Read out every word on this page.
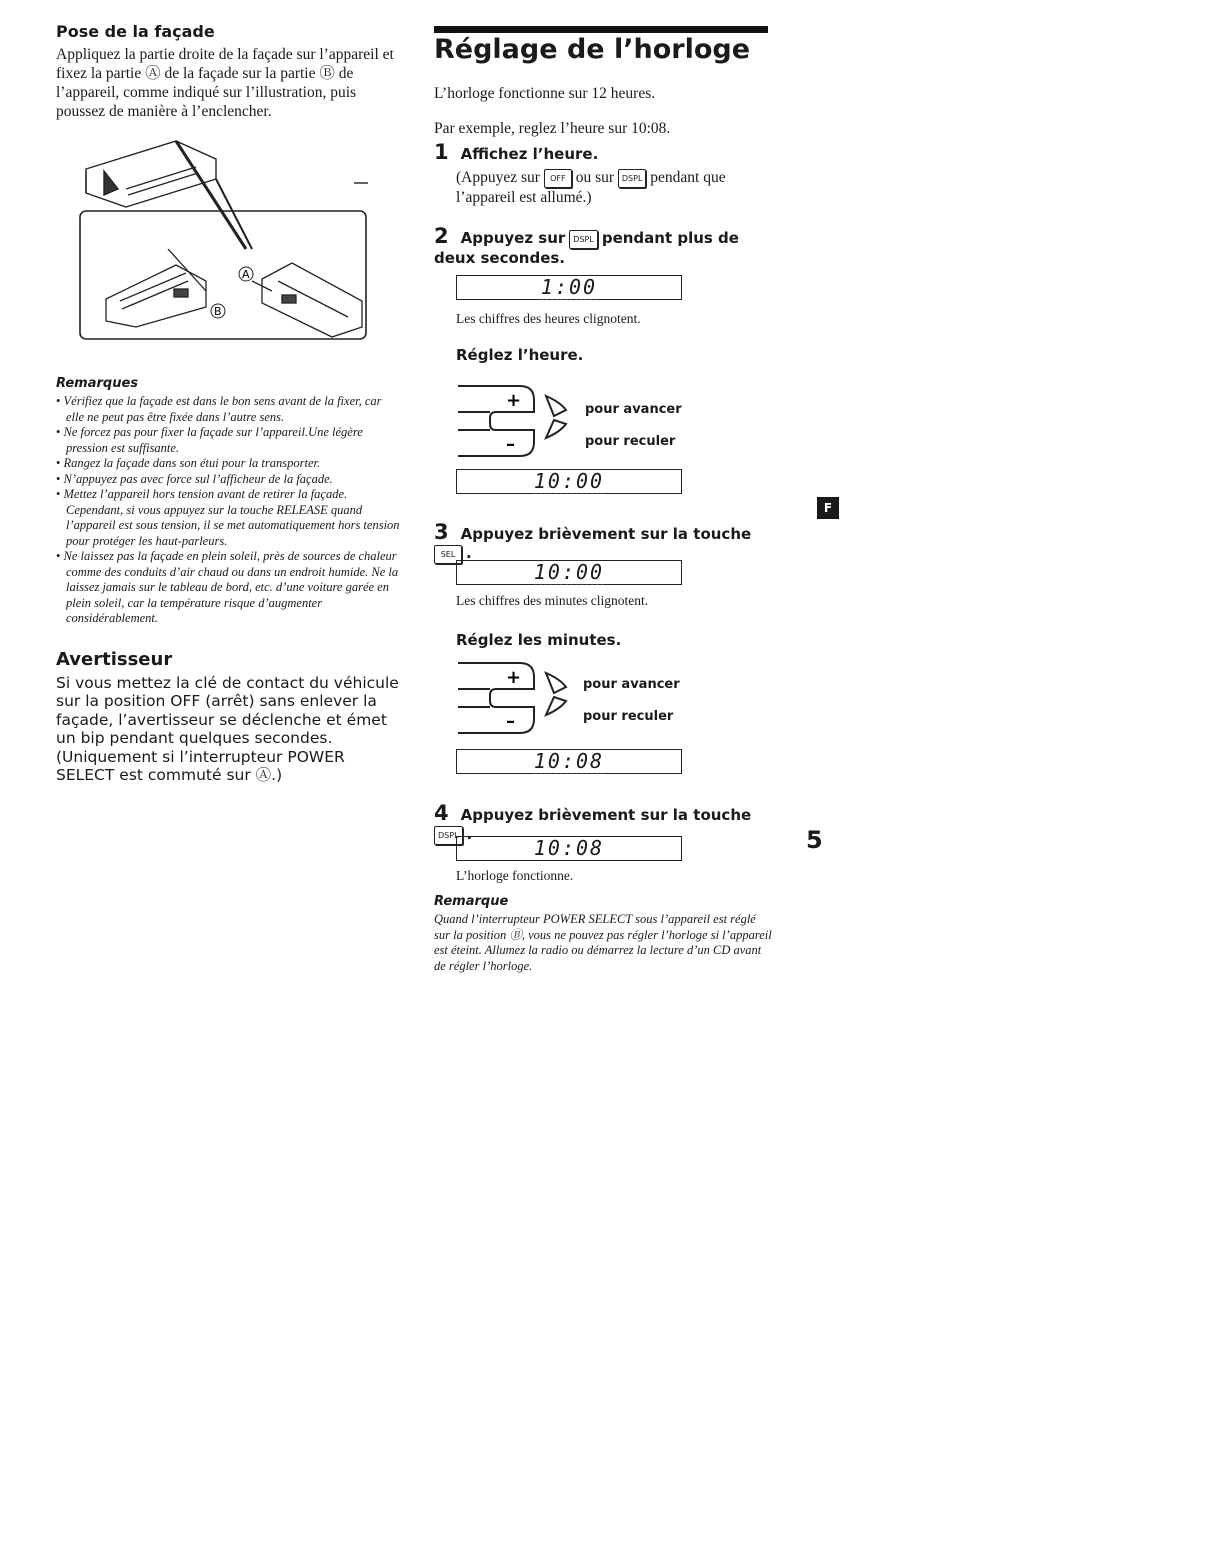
Pose de la façade

Appliquez la partie droite de la façade sur l’appareil et fixez la partie Ⓐ de la façade sur la partie Ⓑ de l’appareil, comme indiqué sur l’illustration, puis poussez de manière à l’enclencher.

A
B
Remarques
• Vérifiez que la façade est dans le bon sens avant de la fixer, car elle ne peut pas être fixée dans l’autre sens.
• Ne forcez pas pour fixer la façade sur l’appareil.Une légère pression est suffisante.
• Rangez la façade dans son étui pour la transporter.
• N’appuyez pas avec force sul l’afficheur de la façade.
• Mettez l’appareil hors tension avant de retirer la façade. Cependant, si vous appuyez sur la touche RELEASE quand l’appareil est sous tension, il se met automatiquement hors tension pour protéger les haut-parleurs.
• Ne laissez pas la façade en plein soleil, près de sources de chaleur comme des conduits d’air chaud ou dans un endroit humide. Ne la laissez jamais sur le tableau de bord, etc. d’une voiture garée en plein soleil, car la température risque d’augmenter considérablement.
Avertisseur

Si vous mettez la clé de contact du véhicule sur la position OFF (arrêt) sans enlever la façade, l’avertisseur se déclenche et émet un bip pendant quelques secondes. (Uniquement si l’interrupteur POWER SELECT est commuté sur Ⓐ.)

Réglage de l’horloge

L’horloge fonctionne sur 12 heures.

Par exemple, reglez l’heure sur 10:08.

1 Affichez l’heure.
(Appuyez sur OFF ou sur DSPL pendant que l’appareil est allumé.)
2 Appuyez sur DSPL pendant plus de deux secondes.
1:00

Les chiffres des heures clignotent.

Réglez l’heure.

+
–
pour avancer
pour reculer
10:00
3 Appuyez brièvement sur la touche SEL .
10:00

Les chiffres des minutes clignotent.

Réglez les minutes.

+
–
pour avancer
pour reculer
10:08
4 Appuyez brièvement sur la touche DSPL .
10:08

L’horloge fonctionne.

Remarque

Quand l’interrupteur POWER SELECT sous l’appareil est réglé sur la position Ⓑ, vous ne pouvez pas régler l’horloge si l’appareil est éteint. Allumez la radio ou démarrez la lecture d’un CD avant de régler l’horloge.

F
5
